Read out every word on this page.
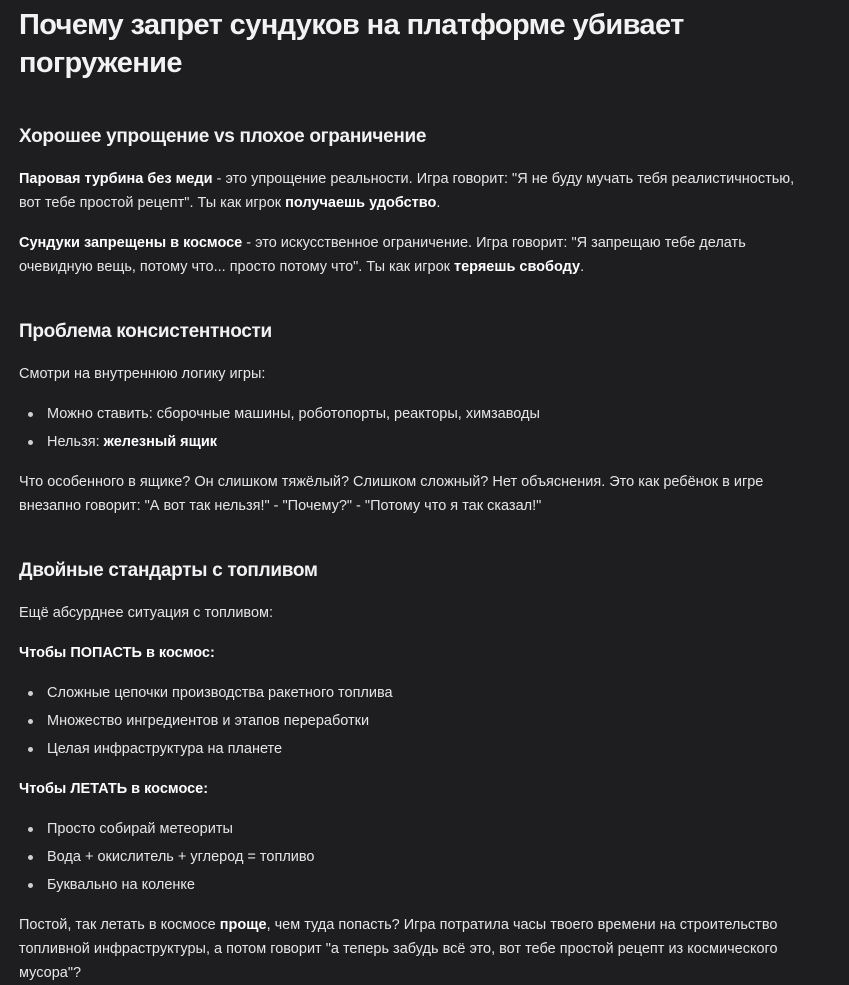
Почему запрет сундуков на платформе убивает погружение
Хорошее упрощение vs плохое ограничение

Паровая турбина без меди - это упрощение реальности. Игра говорит: "Я не буду мучать тебя реалистичностью, вот тебе простой рецепт". Ты как игрок получаешь удобство.

Сундуки запрещены в космосе - это искусственное ограничение. Игра говорит: "Я запрещаю тебе делать очевидную вещь, потому что... просто потому что". Ты как игрок теряешь свободу.

Проблема консистентности

Смотри на внутреннюю логику игры:

Можно ставить: сборочные машины, роботопорты, реакторы, химзаводы
Нельзя: железный ящик

Что особенного в ящике? Он слишком тяжёлый? Слишком сложный? Нет объяснения. Это как ребёнок в игре внезапно говорит: "А вот так нельзя!" - "Почему?" - "Потому что я так сказал!"

Двойные стандарты с топливом

Ещё абсурднее ситуация с топливом:

Чтобы ПОПАСТЬ в космос:

Сложные цепочки производства ракетного топлива
Множество ингредиентов и этапов переработки
Целая инфраструктура на планете

Чтобы ЛЕТАТЬ в космосе:

Просто собирай метеориты
Вода + окислитель + углерод = топливо
Буквально на коленке

Постой, так летать в космосе проще, чем туда попасть? Игра потратила часы твоего времени на строительство топливной инфраструктуры, а потом говорит "а теперь забудь всё это, вот тебе простой рецепт из космического мусора"?
